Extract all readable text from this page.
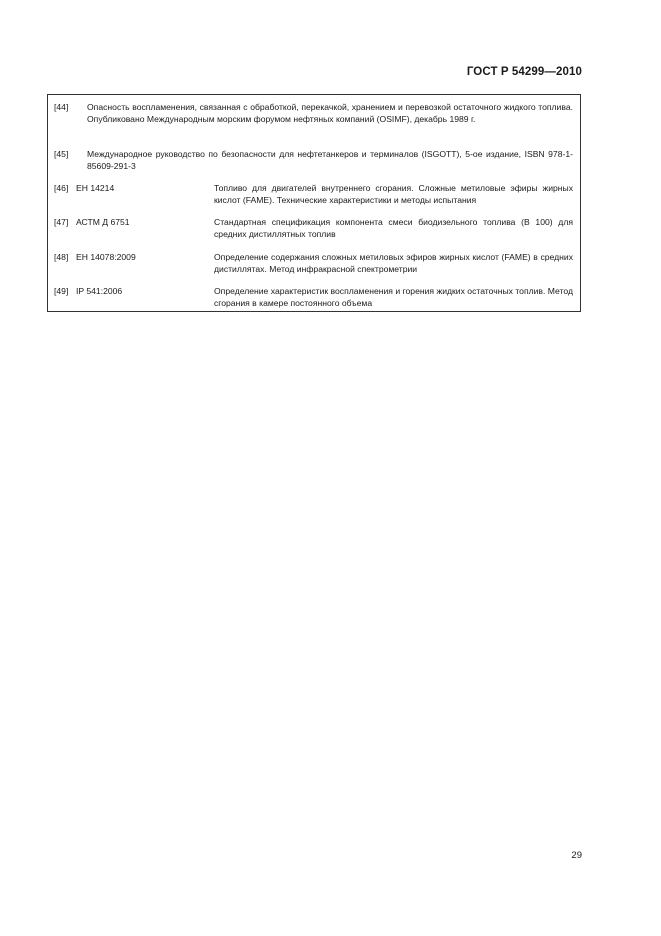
ГОСТ Р 54299—2010
[44] Опасность воспламенения, связанная с обработкой, перекачкой, хранением и перевозкой остаточного жидкого топлива. Опубликовано Международным морским форумом нефтяных компаний (OSIMF), декабрь 1989 г.
[45] Международное руководство по безопасности для нефтетанкеров и терминалов (ISGOTT), 5-ое издание, ISBN 978-1-85609-291-3
[46] ЕН 14214	Топливо для двигателей внутреннего сгорания. Сложные метиловые эфиры жирных кислот (FAME). Технические характеристики и методы испытания
[47] АСТМ Д 6751	Стандартная спецификация компонента смеси биодизельного топлива (В 100) для средних дистиллятных топлив
[48] ЕН 14078:2009	Определение содержания сложных метиловых эфиров жирных кислот (FAME) в средних дистиллятах. Метод инфракрасной спектрометрии
[49] IP 541:2006	Определение характеристик воспламенения и горения жидких остаточных топлив. Метод сгорания в камере постоянного объема
29
